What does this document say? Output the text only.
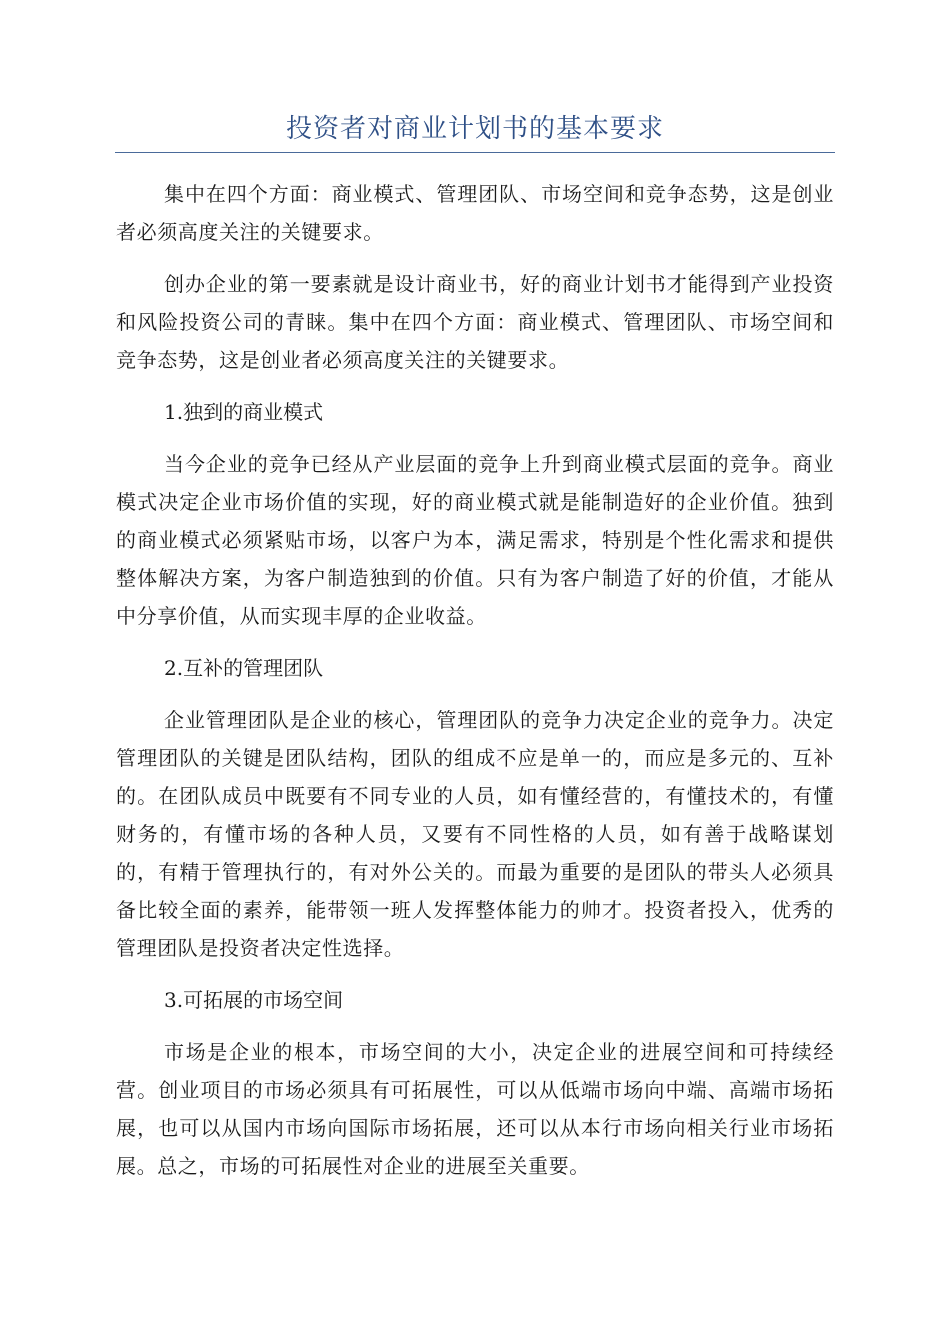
投资者对商业计划书的基本要求

集中在四个方面：商业模式、管理团队、市场空间和竞争态势，这是创业者必须高度关注的关键要求。

创办企业的第一要素就是设计商业书，好的商业计划书才能得到产业投资和风险投资公司的青睐。集中在四个方面：商业模式、管理团队、市场空间和竞争态势，这是创业者必须高度关注的关键要求。

1.独到的商业模式

当今企业的竞争已经从产业层面的竞争上升到商业模式层面的竞争。商业模式决定企业市场价值的实现，好的商业模式就是能制造好的企业价值。独到的商业模式必须紧贴市场，以客户为本，满足需求，特别是个性化需求和提供整体解决方案，为客户制造独到的价值。只有为客户制造了好的价值，才能从中分享价值，从而实现丰厚的企业收益。

2.互补的管理团队

企业管理团队是企业的核心，管理团队的竞争力决定企业的竞争力。决定管理团队的关键是团队结构，团队的组成不应是单一的，而应是多元的、互补的。在团队成员中既要有不同专业的人员，如有懂经营的，有懂技术的，有懂财务的，有懂市场的各种人员，又要有不同性格的人员，如有善于战略谋划的，有精于管理执行的，有对外公关的。而最为重要的是团队的带头人必须具备比较全面的素养，能带领一班人发挥整体能力的帅才。投资者投入，优秀的管理团队是投资者决定性选择。

3.可拓展的市场空间

市场是企业的根本，市场空间的大小，决定企业的进展空间和可持续经营。创业项目的市场必须具有可拓展性，可以从低端市场向中端、高端市场拓展，也可以从国内市场向国际市场拓展，还可以从本行市场向相关行业市场拓展。总之，市场的可拓展性对企业的进展至关重要。
